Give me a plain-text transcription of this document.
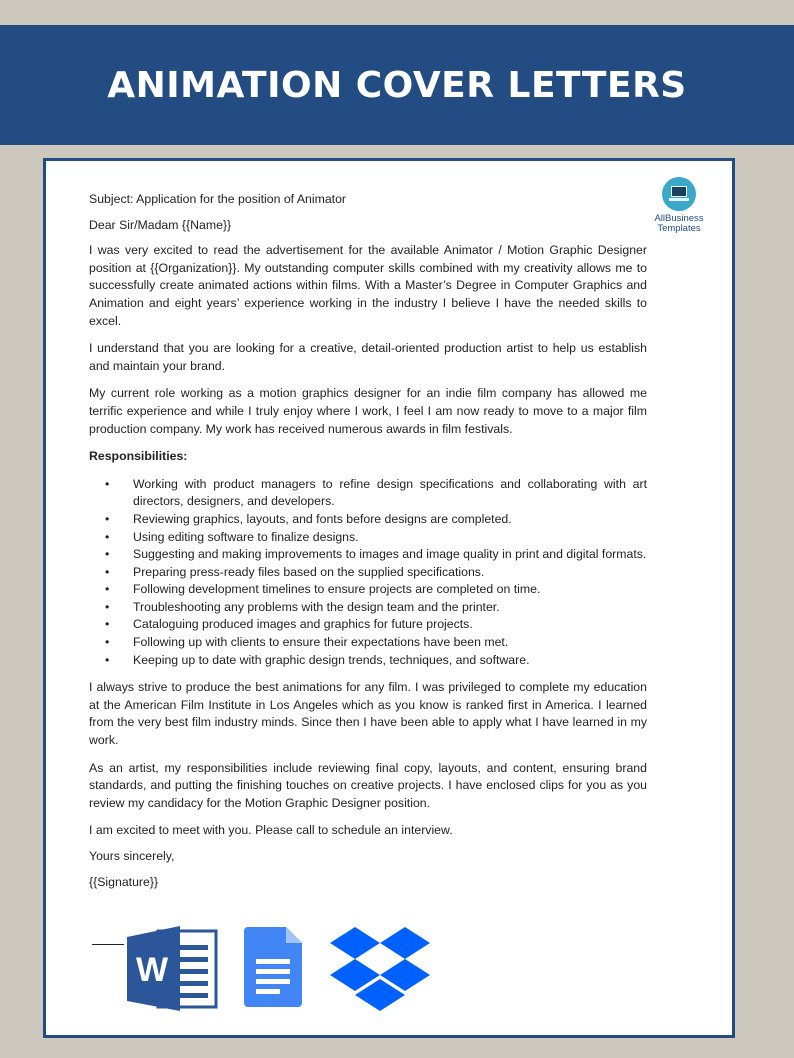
ANIMATION COVER LETTERS
AllBusiness
Templates

Subject: Application for the position of Animator

Dear Sir/Madam {{Name}}

I was very excited to read the advertisement for the available Animator / Motion Graphic Designer position at {{Organization}}. My outstanding computer skills combined with my creativity allows me to successfully create animated actions within films. With a Master’s Degree in Computer Graphics and Animation and eight years’ experience working in the industry I believe I have the needed skills to excel.

I understand that you are looking for a creative, detail-oriented production artist to help us establish and maintain your brand.

My current role working as a motion graphics designer for an indie film company has allowed me terrific experience and while I truly enjoy where I work, I feel I am now ready to move to a major film production company. My work has received numerous awards in film festivals.

Responsibilities:
• Working with product managers to refine design specifications and collaborating with art directors, designers, and developers.
• Reviewing graphics, layouts, and fonts before designs are completed.
• Using editing software to finalize designs.
• Suggesting and making improvements to images and image quality in print and digital formats.
• Preparing press-ready files based on the supplied specifications.
• Following development timelines to ensure projects are completed on time.
• Troubleshooting any problems with the design team and the printer.
• Cataloguing produced images and graphics for future projects.
• Following up with clients to ensure their expectations have been met.
• Keeping up to date with graphic design trends, techniques, and software.

I always strive to produce the best animations for any film. I was privileged to complete my education at the American Film Institute in Los Angeles which as you know is ranked first in America. I learned from the very best film industry minds. Since then I have been able to apply what I have learned in my work.

As an artist, my responsibilities include reviewing final copy, layouts, and content, ensuring brand standards, and putting the finishing touches on creative projects. I have enclosed clips for you as you review my candidacy for the Motion Graphic Designer position.

I am excited to meet with you. Please call to schedule an interview.

Yours sincerely,

{{Signature}}

W
